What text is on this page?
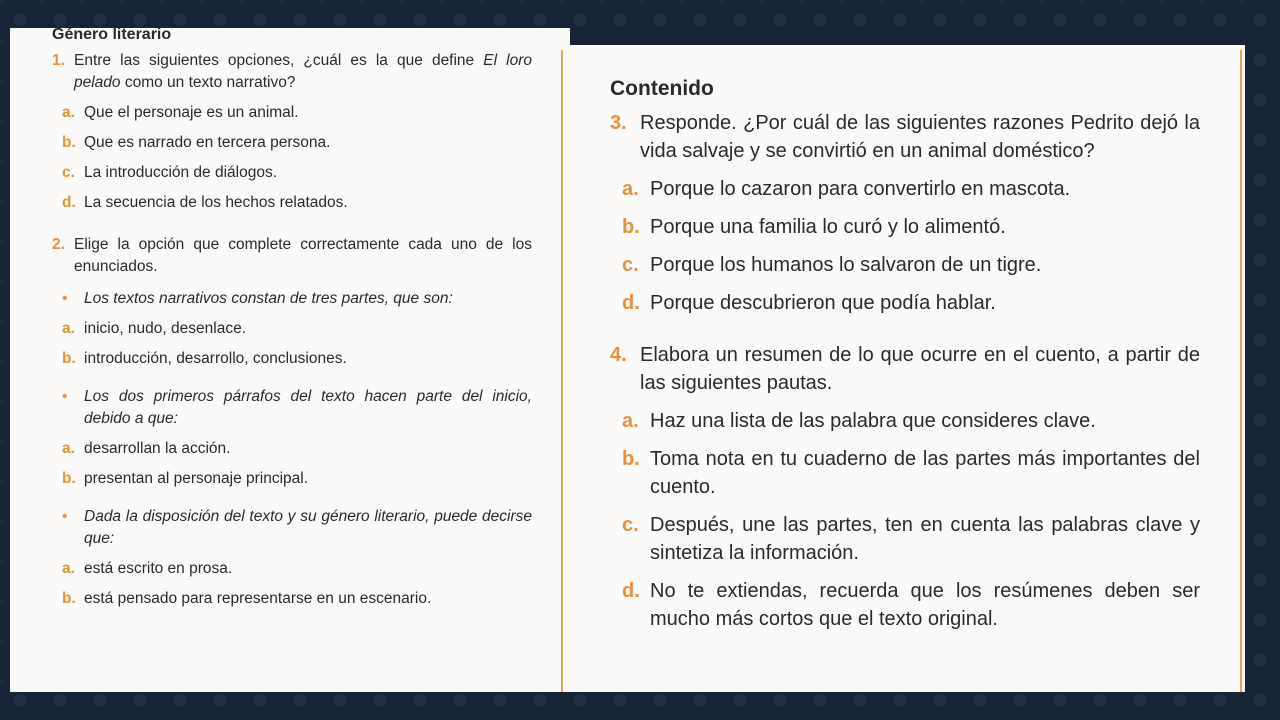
Género literario
1. Entre las siguientes opciones, ¿cuál es la que define El loro pelado como un texto narrativo?
a. Que el personaje es un animal.
b. Que es narrado en tercera persona.
c. La introducción de diálogos.
d. La secuencia de los hechos relatados.
2. Elige la opción que complete correctamente cada uno de los enunciados.
•	Los textos narrativos constan de tres partes, que son:
a. inicio, nudo, desenlace.
b. introducción, desarrollo, conclusiones.
•	Los dos primeros párrafos del texto hacen parte del inicio, debido a que:
a. desarrollan la acción.
b. presentan al personaje principal.
•	Dada la disposición del texto y su género literario, puede decirse que:
a. está escrito en prosa.
b. está pensado para representarse en un escenario.
Contenido
3. Responde. ¿Por cuál de las siguientes razones Pedrito dejó la vida salvaje y se convirtió en un animal doméstico?
a. Porque lo cazaron para convertirlo en mascota.
b. Porque una familia lo curó y lo alimentó.
c. Porque los humanos lo salvaron de un tigre.
d. Porque descubrieron que podía hablar.
4. Elabora un resumen de lo que ocurre en el cuento, a partir de las siguientes pautas.
a. Haz una lista de las palabra que consideres clave.
b. Toma nota en tu cuaderno de las partes más importantes del cuento.
c. Después, une las partes, ten en cuenta las palabras clave y sintetiza la información.
d. No te extiendas, recuerda que los resúmenes deben ser mucho más cortos que el texto original.
